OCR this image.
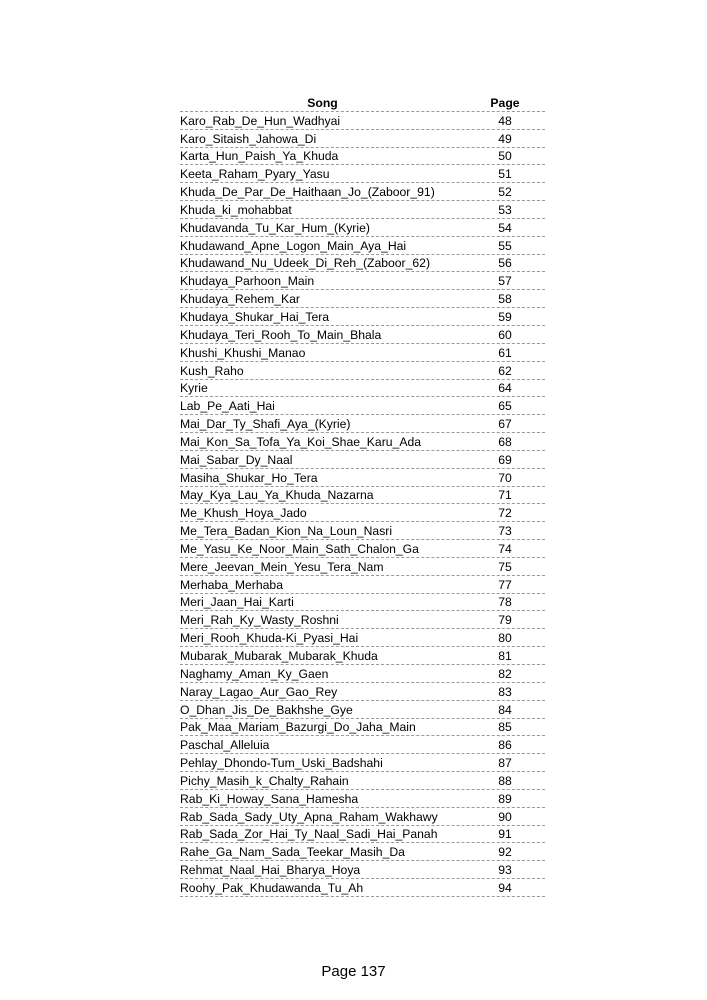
Song	Page
Karo_Rab_De_Hun_Wadhyai	48
Karo_Sitaish_Jahowa_Di	49
Karta_Hun_Paish_Ya_Khuda	50
Keeta_Raham_Pyary_Yasu	51
Khuda_De_Par_De_Haithaan_Jo_(Zaboor_91)	52
Khuda_ki_mohabbat	53
Khudavanda_Tu_Kar_Hum_(Kyrie)	54
Khudawand_Apne_Logon_Main_Aya_Hai	55
Khudawand_Nu_Udeek_Di_Reh_(Zaboor_62)	56
Khudaya_Parhoon_Main	57
Khudaya_Rehem_Kar	58
Khudaya_Shukar_Hai_Tera	59
Khudaya_Teri_Rooh_To_Main_Bhala	60
Khushi_Khushi_Manao	61
Kush_Raho	62
Kyrie	64
Lab_Pe_Aati_Hai	65
Mai_Dar_Ty_Shafi_Aya_(Kyrie)	67
Mai_Kon_Sa_Tofa_Ya_Koi_Shae_Karu_Ada	68
Mai_Sabar_Dy_Naal	69
Masiha_Shukar_Ho_Tera	70
May_Kya_Lau_Ya_Khuda_Nazarna	71
Me_Khush_Hoya_Jado	72
Me_Tera_Badan_Kion_Na_Loun_Nasri	73
Me_Yasu_Ke_Noor_Main_Sath_Chalon_Ga	74
Mere_Jeevan_Mein_Yesu_Tera_Nam	75
Merhaba_Merhaba	77
Meri_Jaan_Hai_Karti	78
Meri_Rah_Ky_Wasty_Roshni	79
Meri_Rooh_Khuda-Ki_Pyasi_Hai	80
Mubarak_Mubarak_Mubarak_Khuda	81
Naghamy_Aman_Ky_Gaen	82
Naray_Lagao_Aur_Gao_Rey	83
O_Dhan_Jis_De_Bakhshe_Gye	84
Pak_Maa_Mariam_Bazurgi_Do_Jaha_Main	85
Paschal_Alleluia	86
Pehlay_Dhondo-Tum_Uski_Badshahi	87
Pichy_Masih_k_Chalty_Rahain	88
Rab_Ki_Howay_Sana_Hamesha	89
Rab_Sada_Sady_Uty_Apna_Raham_Wakhawy	90
Rab_Sada_Zor_Hai_Ty_Naal_Sadi_Hai_Panah	91
Rahe_Ga_Nam_Sada_Teekar_Masih_Da	92
Rehmat_Naal_Hai_Bharya_Hoya	93
Roohy_Pak_Khudawanda_Tu_Ah	94
Page 137
